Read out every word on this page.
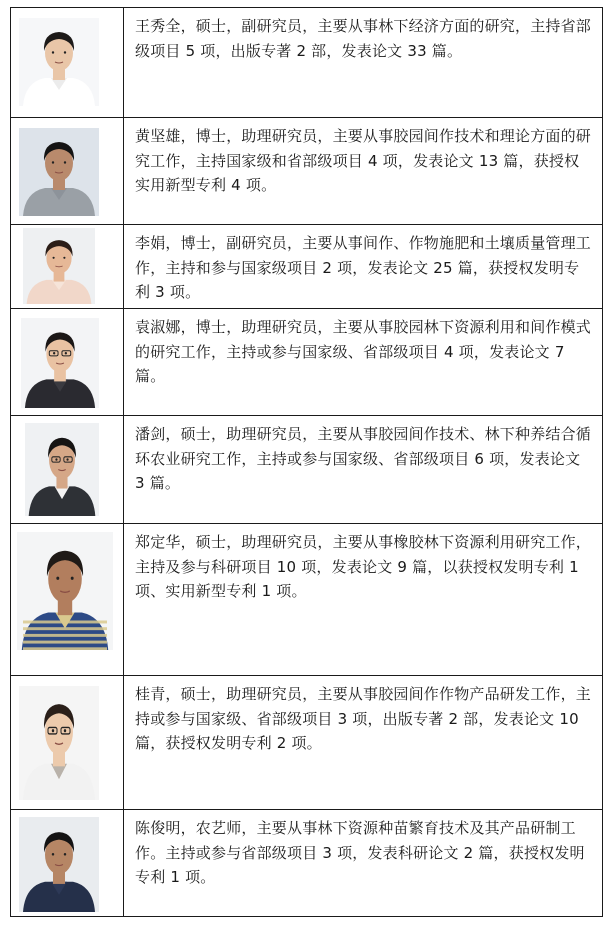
王秀全，硕士，副研究员，主要从事林下经济方面的研究，主持省部级项目 5 项，出版专著 2 部，发表论文 33 篇。

黄坚雄，博士，助理研究员，主要从事胶园间作技术和理论方面的研究工作，主持国家级和省部级项目 4 项，发表论文 13 篇，获授权实用新型专利 4 项。

李娟，博士，副研究员，主要从事间作、作物施肥和土壤质量管理工作，主持和参与国家级项目 2 项，发表论文 25 篇，获授权发明专利 3 项。

袁淑娜，博士，助理研究员，主要从事胶园林下资源利用和间作模式的研究工作，主持或参与国家级、省部级项目 4 项，发表论文 7 篇。

潘剑，硕士，助理研究员，主要从事胶园间作技术、林下种养结合循环农业研究工作，主持或参与国家级、省部级项目 6 项，发表论文 3 篇。

郑定华，硕士，助理研究员，主要从事橡胶林下资源利用研究工作，主持及参与科研项目 10 项，发表论文 9 篇，以获授权发明专利 1 项、实用新型专利 1 项。

桂青，硕士，助理研究员，主要从事胶园间作作物产品研发工作，主持或参与国家级、省部级项目 3 项，出版专著 2 部，发表论文 10 篇，获授权发明专利 2 项。

陈俊明，农艺师，主要从事林下资源种苗繁育技术及其产品研制工作。主持或参与省部级项目 3 项，发表科研论文 2 篇，获授权发明专利 1 项。
